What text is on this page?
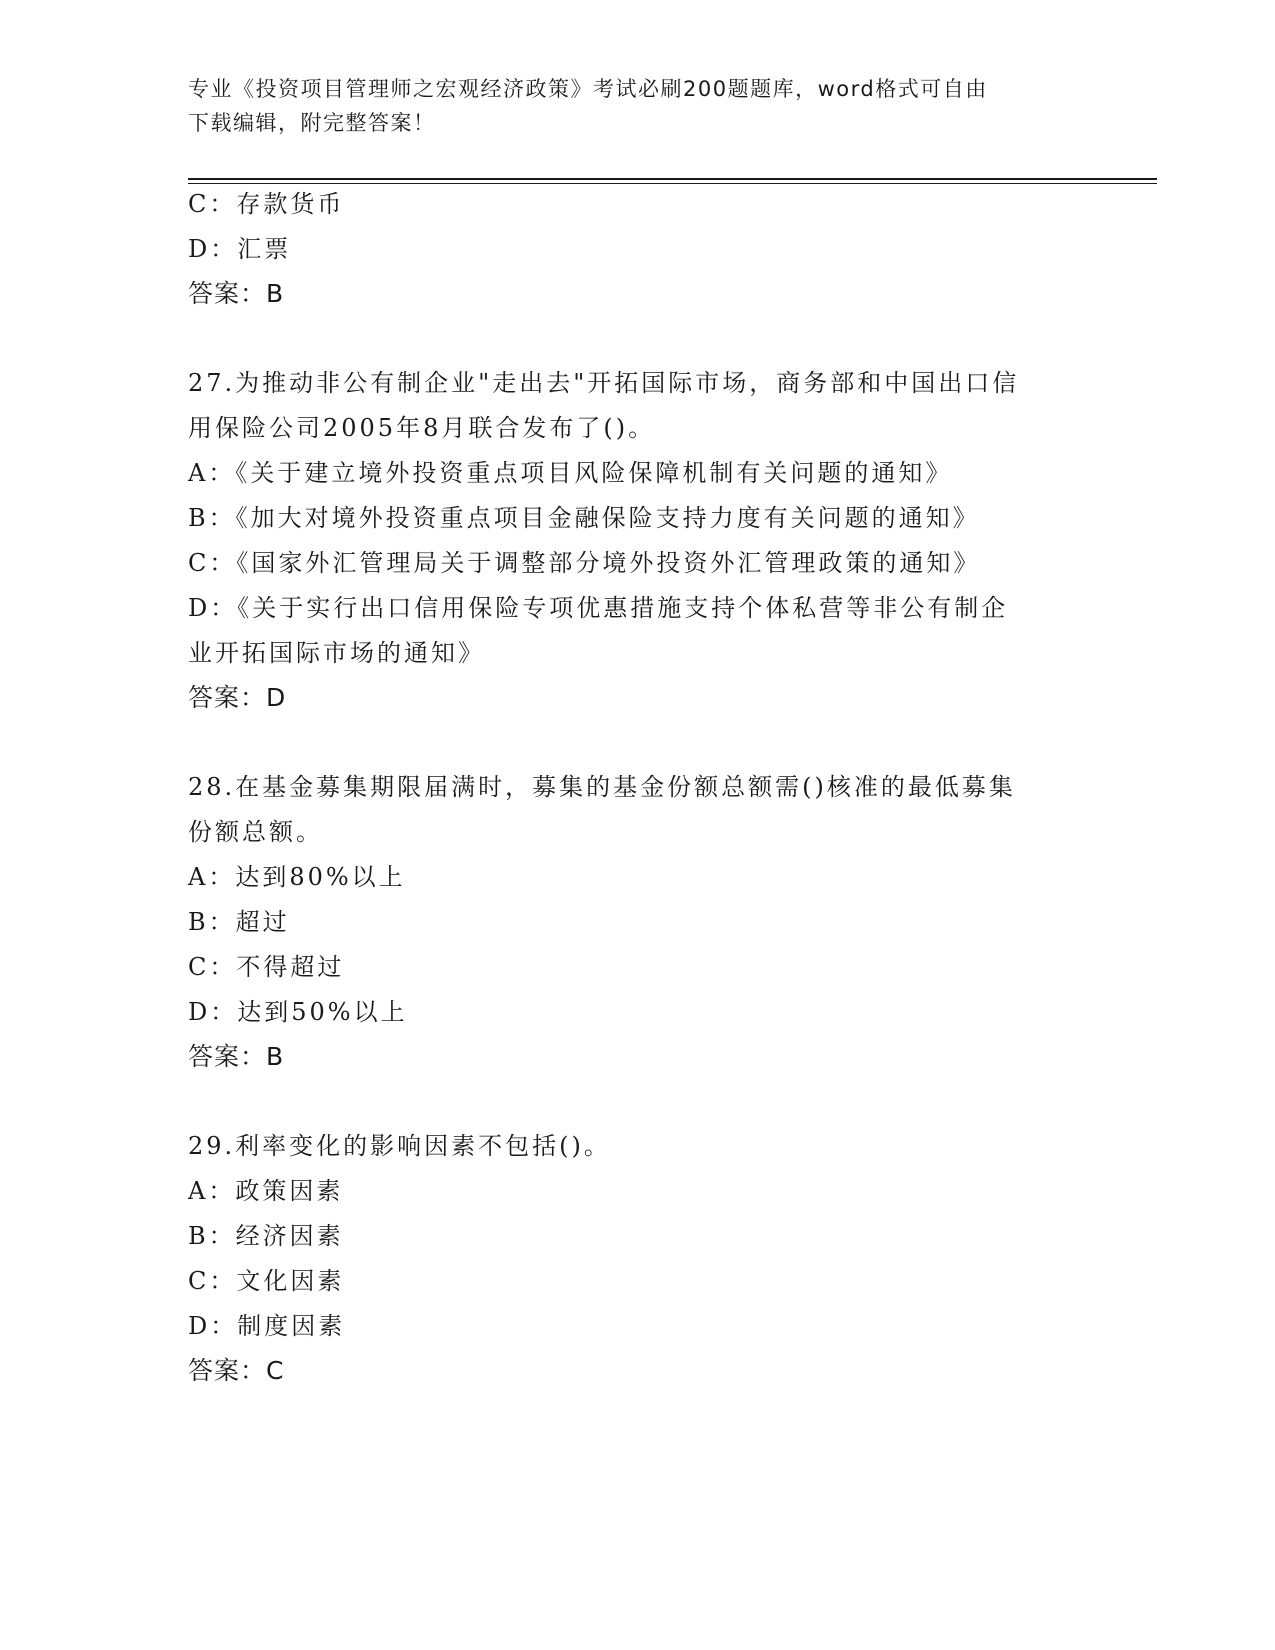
专业《投资项目管理师之宏观经济政策》考试必刷200题题库，word格式可自由
下载编辑，附完整答案！
C：存款货币
D：汇票
答案：B
27.为推动非公有制企业"走出去"开拓国际市场，商务部和中国出口信
用保险公司2005年8月联合发布了()。
A：《关于建立境外投资重点项目风险保障机制有关问题的通知》
B：《加大对境外投资重点项目金融保险支持力度有关问题的通知》
C：《国家外汇管理局关于调整部分境外投资外汇管理政策的通知》
D：《关于实行出口信用保险专项优惠措施支持个体私营等非公有制企
业开拓国际市场的通知》
答案：D
28.在基金募集期限届满时，募集的基金份额总额需()核准的最低募集
份额总额。
A：达到80%以上
B：超过
C：不得超过
D：达到50%以上
答案：B
29.利率变化的影响因素不包括()。
A：政策因素
B：经济因素
C：文化因素
D：制度因素
答案：C
